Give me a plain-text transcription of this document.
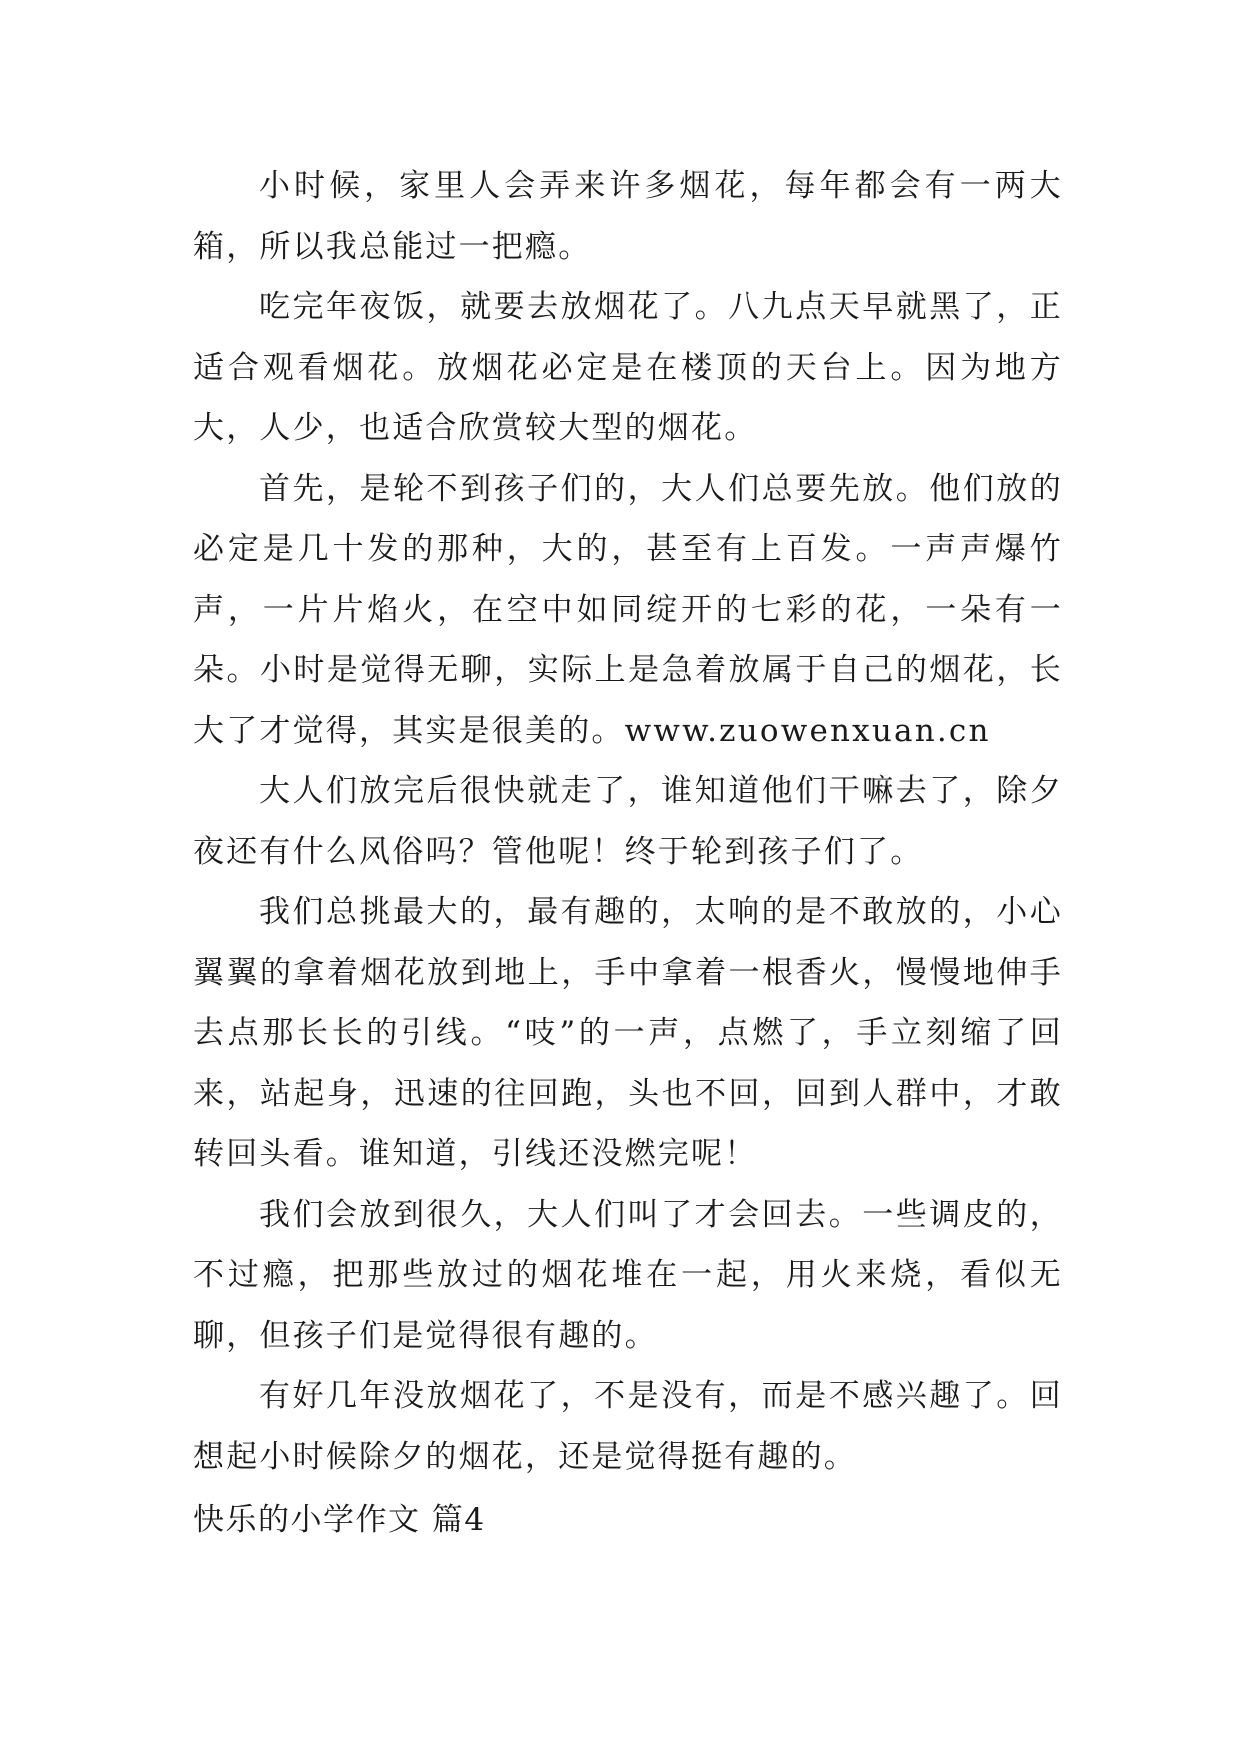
小时候，家里人会弄来许多烟花，每年都会有一两大箱，所以我总能过一把瘾。

吃完年夜饭，就要去放烟花了。八九点天早就黑了，正适合观看烟花。放烟花必定是在楼顶的天台上。因为地方大，人少，也适合欣赏较大型的烟花。

首先，是轮不到孩子们的，大人们总要先放。他们放的必定是几十发的那种，大的，甚至有上百发。一声声爆竹声，一片片焰火，在空中如同绽开的七彩的花，一朵有一朵。小时是觉得无聊，实际上是急着放属于自己的烟花，长大了才觉得，其实是很美的。www.zuowenxuan.cn

大人们放完后很快就走了，谁知道他们干嘛去了，除夕夜还有什么风俗吗？管他呢！终于轮到孩子们了。

我们总挑最大的，最有趣的，太响的是不敢放的，小心翼翼的拿着烟花放到地上，手中拿着一根香火，慢慢地伸手去点那长长的引线。“吱”的一声，点燃了，手立刻缩了回来，站起身，迅速的往回跑，头也不回，回到人群中，才敢转回头看。谁知道，引线还没燃完呢！

我们会放到很久，大人们叫了才会回去。一些调皮的，不过瘾，把那些放过的烟花堆在一起，用火来烧，看似无聊，但孩子们是觉得很有趣的。

有好几年没放烟花了，不是没有，而是不感兴趣了。回想起小时候除夕的烟花，还是觉得挺有趣的。

快乐的小学作文 篇4
